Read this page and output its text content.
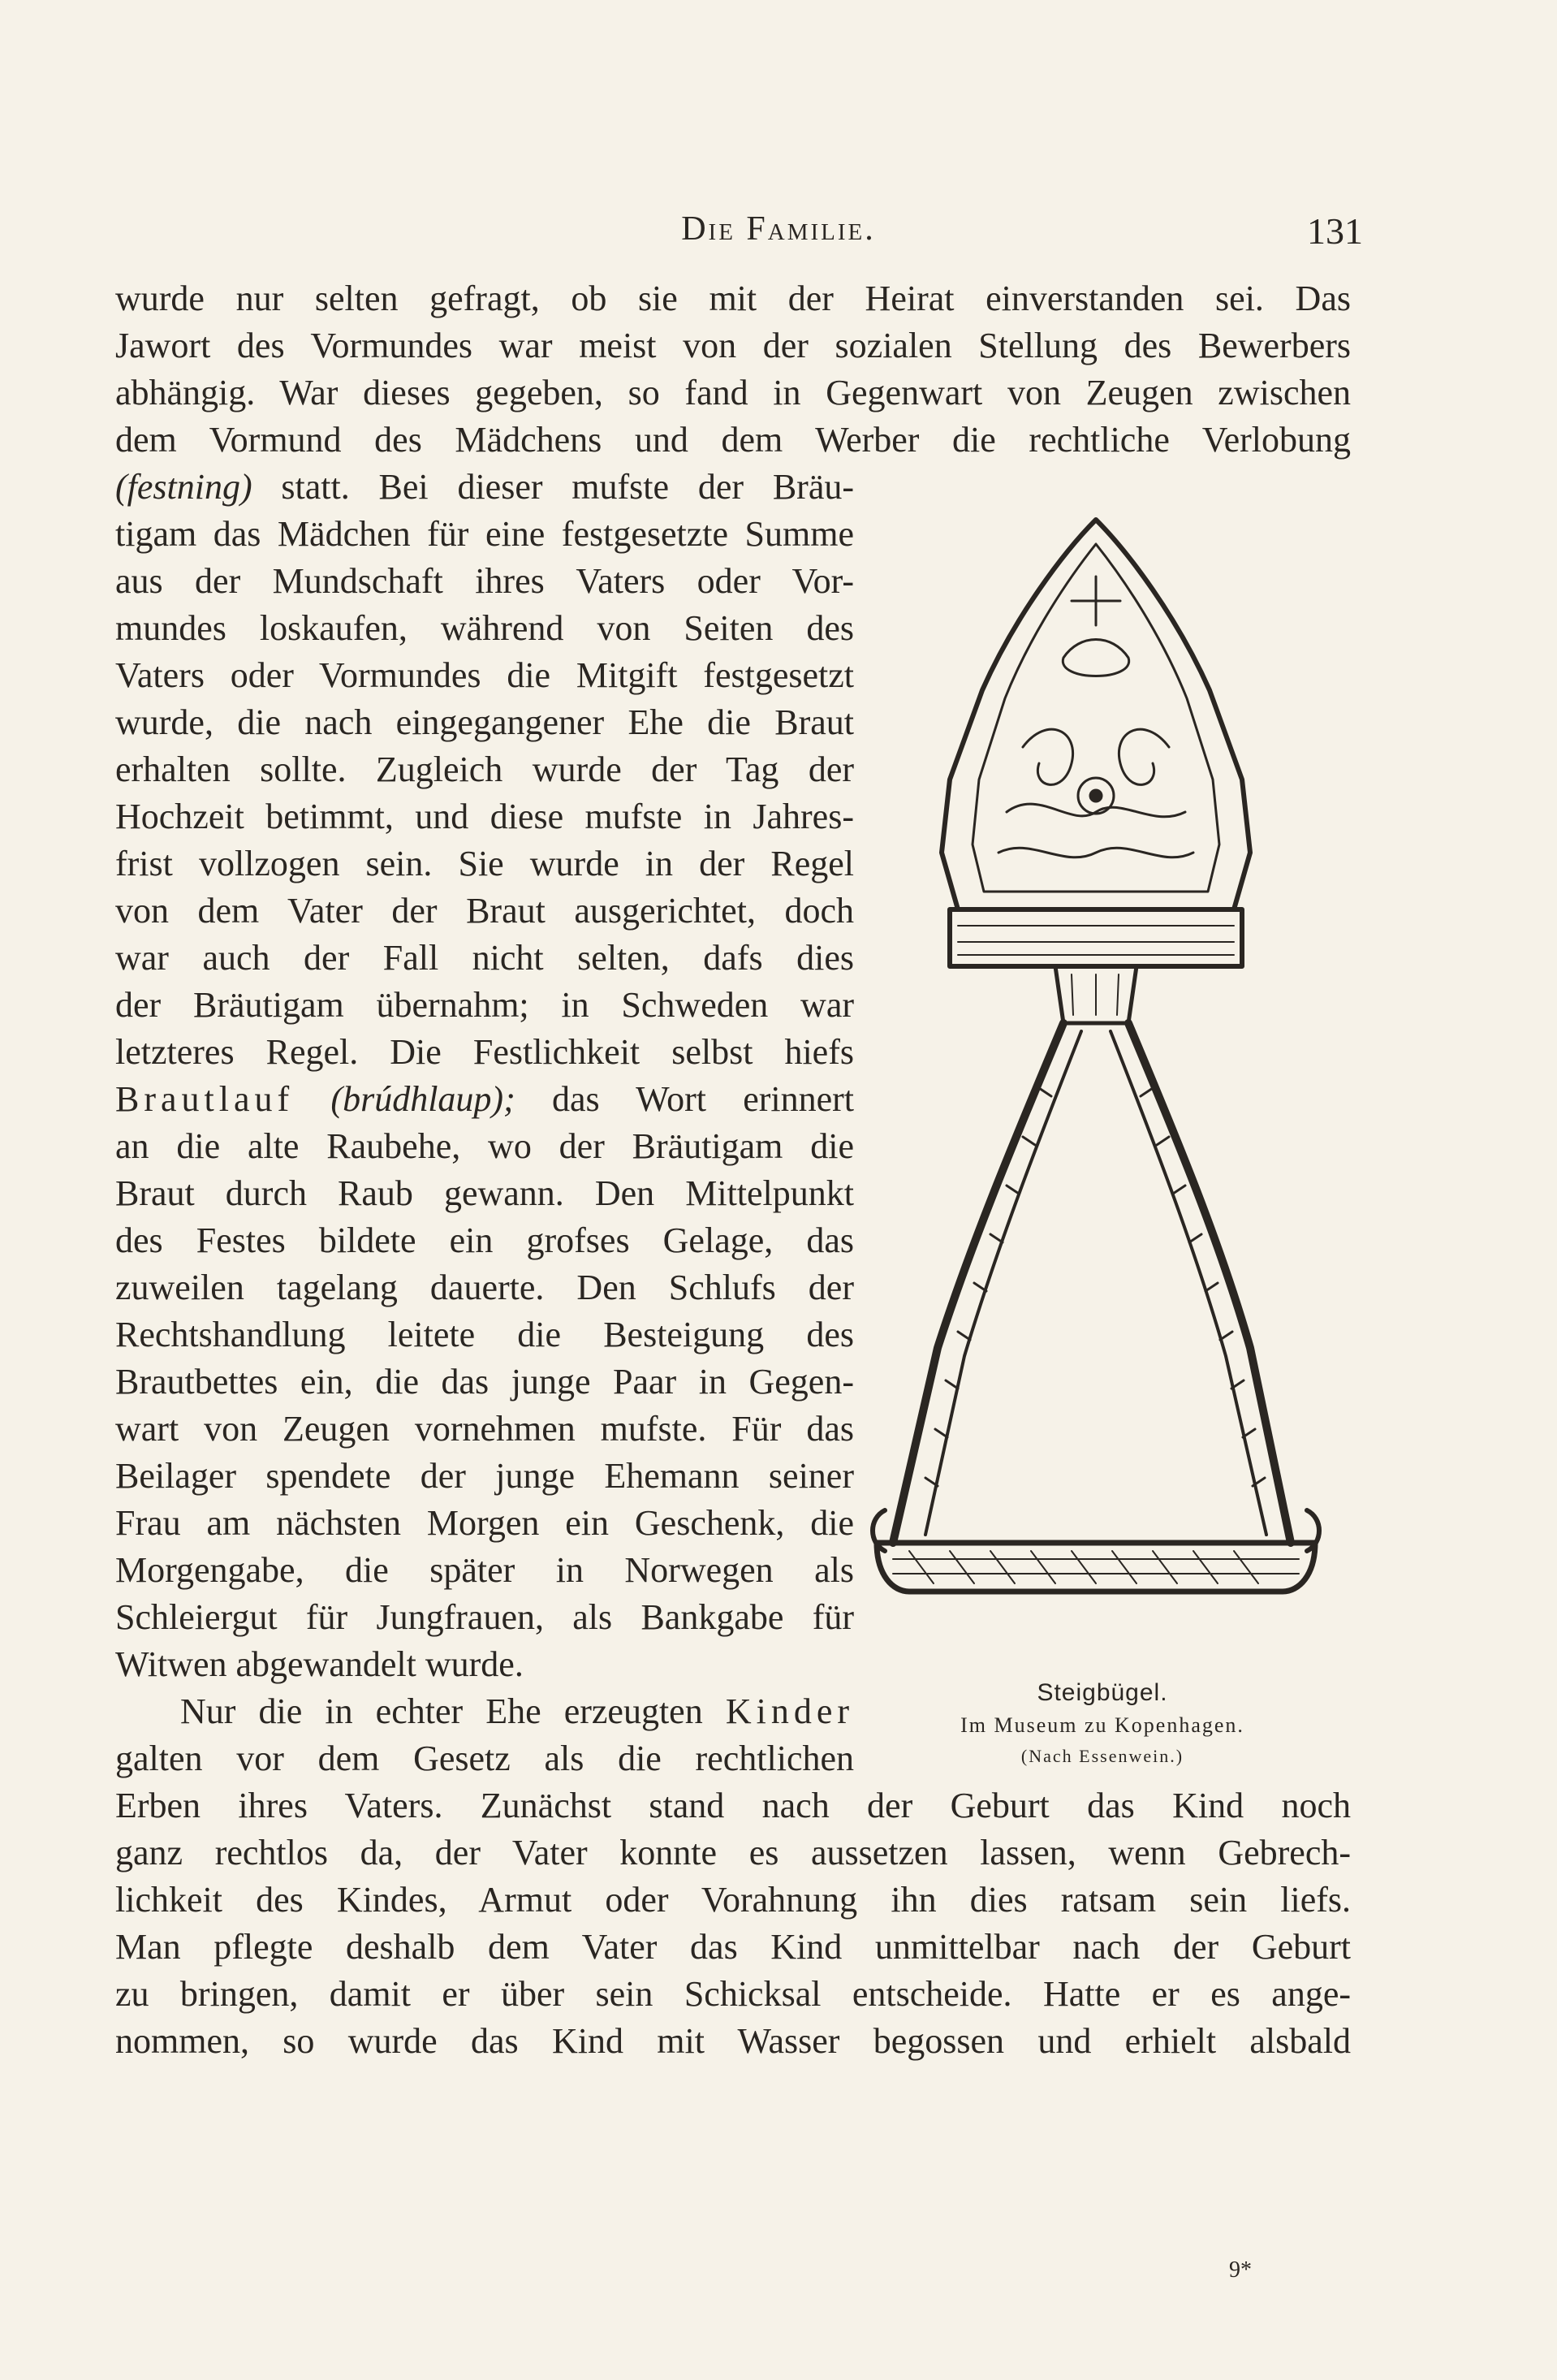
Die Familie.	131
wurde nur selten gefragt, ob sie mit der Heirat einverstanden sei. Das
Jawort des Vormundes war meist von der sozialen Stellung des Bewerbers
abhängig. War dieses gegeben, so fand in Gegenwart von Zeugen zwischen
dem Vormund des Mädchens und dem Werber die rechtliche Verlobung
(festning) statt. Bei dieser mufste der Bräu-
tigam das Mädchen für eine festgesetzte Summe
aus der Mundschaft ihres Vaters oder Vor-
mundes loskaufen, während von Seiten des
Vaters oder Vormundes die Mitgift festgesetzt
wurde, die nach eingegangener Ehe die Braut
erhalten sollte. Zugleich wurde der Tag der
Hochzeit betimmt, und diese mufste in Jahres-
frist vollzogen sein. Sie wurde in der Regel
von dem Vater der Braut ausgerichtet, doch
war auch der Fall nicht selten, dafs dies
der Bräutigam übernahm; in Schweden war
letzteres Regel. Die Festlichkeit selbst hiefs
Brautlauf (brúdhlaup); das Wort erinnert
an die alte Raubehe, wo der Bräutigam die
Braut durch Raub gewann. Den Mittelpunkt
des Festes bildete ein grofses Gelage, das
zuweilen tagelang dauerte. Den Schlufs der
Rechtshandlung leitete die Besteigung des
Brautbettes ein, die das junge Paar in Gegen-
wart von Zeugen vornehmen mufste. Für das
Beilager spendete der junge Ehemann seiner
Frau am nächsten Morgen ein Geschenk, die
Morgengabe, die später in Norwegen als
Schleiergut für Jungfrauen, als Bankgabe für
Witwen abgewandelt wurde.
Nur die in echter Ehe erzeugten Kinder
galten vor dem Gesetz als die rechtlichen
Erben ihres Vaters. Zunächst stand nach der Geburt das Kind noch
ganz rechtlos da, der Vater konnte es aussetzen lassen, wenn Gebrech-
lichkeit des Kindes, Armut oder Vorahnung ihn dies ratsam sein liefs.
Man pflegte deshalb dem Vater das Kind unmittelbar nach der Geburt
zu bringen, damit er über sein Schicksal entscheide. Hatte er es ange-
nommen, so wurde das Kind mit Wasser begossen und erhielt alsbald
Steigbügel.
Im Museum zu Kopenhagen.
(Nach Essenwein.)
9*
